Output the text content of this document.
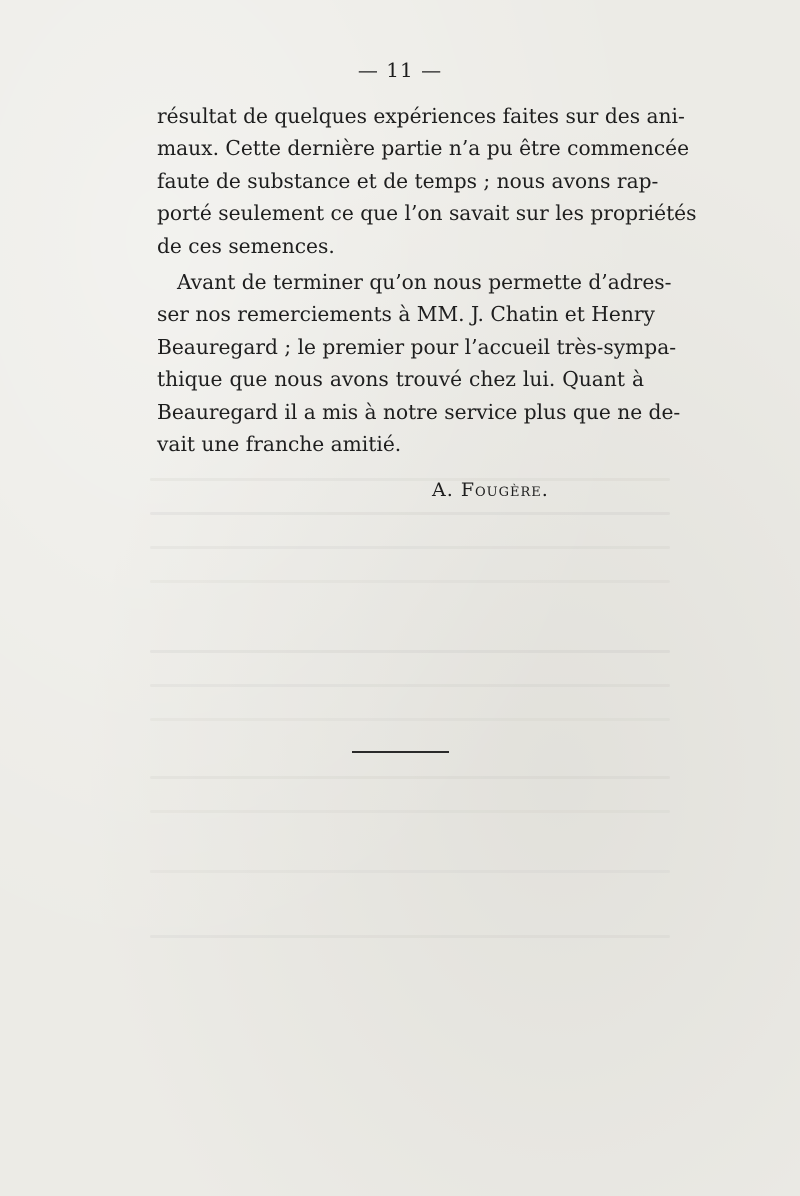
— 11 —
résultat de quelques expériences faites sur des ani-
maux. Cette dernière partie n’a pu être commencée
faute de substance et de temps ; nous avons rap-
porté seulement ce que l’on savait sur les propriétés
de ces semences.
Avant de terminer qu’on nous permette d’adres-
ser nos remerciements à MM. J. Chatin et Henry
Beauregard ; le premier pour l’accueil très-sympa-
thique que nous avons trouvé chez lui. Quant à
Beauregard il a mis à notre service plus que ne de-
vait une franche amitié.
A. Fougère.
